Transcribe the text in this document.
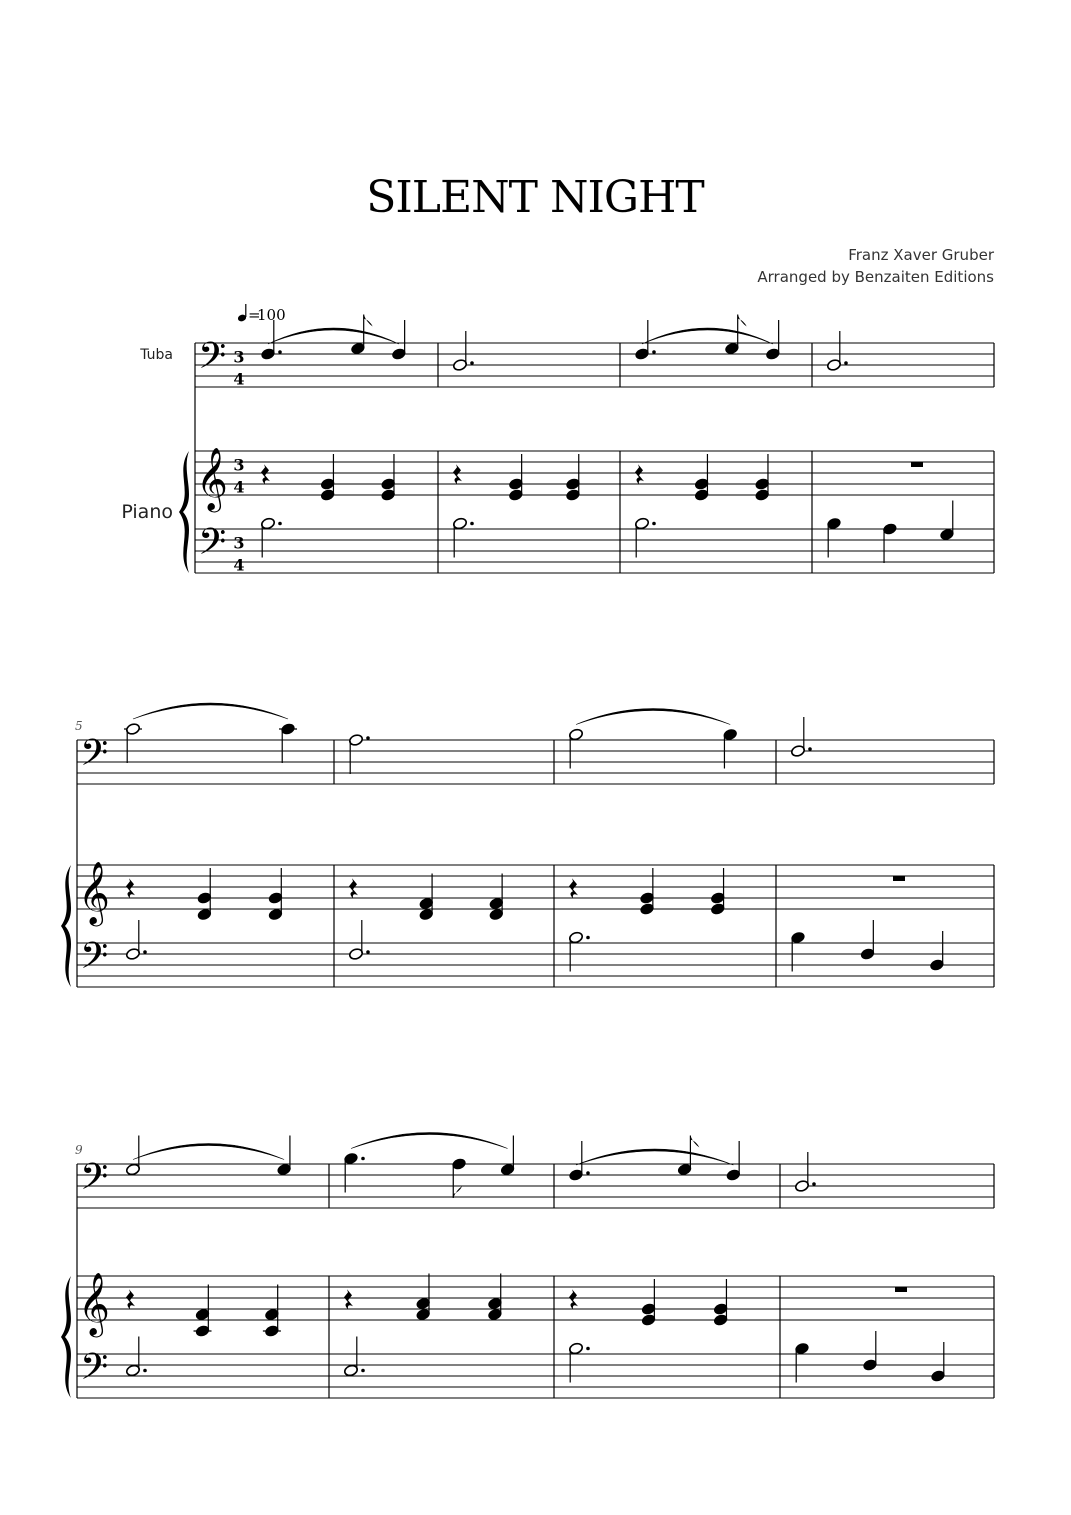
SILENT NIGHT
Franz Xaver Gruber
Arranged by Benzaiten Editions
=
100
Tuba
Piano
𝄢
𝄞
𝄢
3
4
3
4
3
4
𝄢
𝄞
𝄢
5
𝄢
𝄞
𝄢
9
